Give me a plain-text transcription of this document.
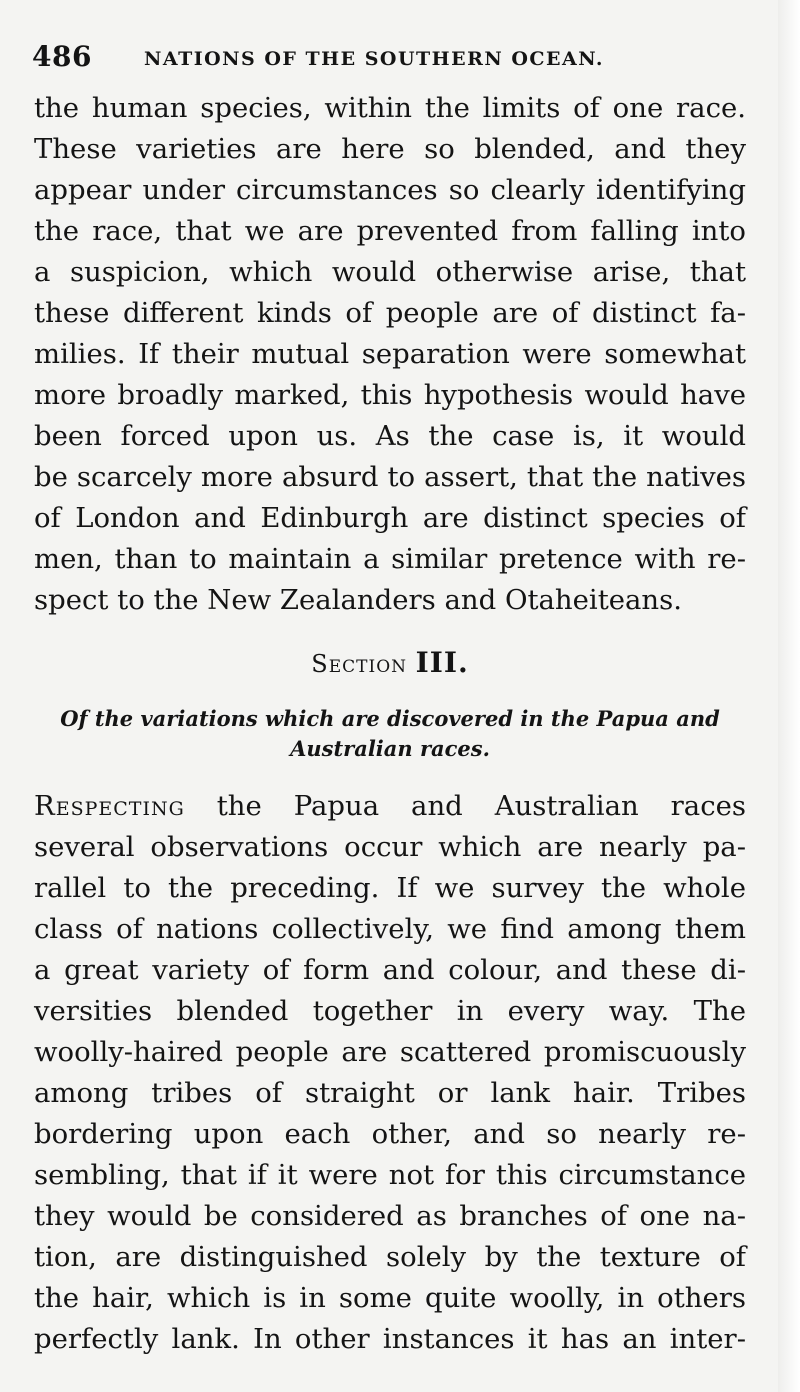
486	NATIONS OF THE SOUTHERN OCEAN.
the human species, within the limits of one race.
These varieties are here so blended, and they
appear under circumstances so clearly identifying
the race, that we are prevented from falling into
a suspicion, which would otherwise arise, that
these different kinds of people are of distinct fa-
milies. If their mutual separation were somewhat
more broadly marked, this hypothesis would have
been forced upon us. As the case is, it would
be scarcely more absurd to assert, that the natives
of London and Edinburgh are distinct species of
men, than to maintain a similar pretence with re-
spect to the New Zealanders and Otaheiteans.
Section III.
Of the variations which are discovered in the Papua and
Australian races.
Respecting the Papua and Australian races
several observations occur which are nearly pa-
rallel to the preceding. If we survey the whole
class of nations collectively, we find among them
a great variety of form and colour, and these di-
versities blended together in every way. The
woolly-haired people are scattered promiscuously
among tribes of straight or lank hair. Tribes
bordering upon each other, and so nearly re-
sembling, that if it were not for this circumstance
they would be considered as branches of one na-
tion, are distinguished solely by the texture of
the hair, which is in some quite woolly, in others
perfectly lank. In other instances it has an inter-
